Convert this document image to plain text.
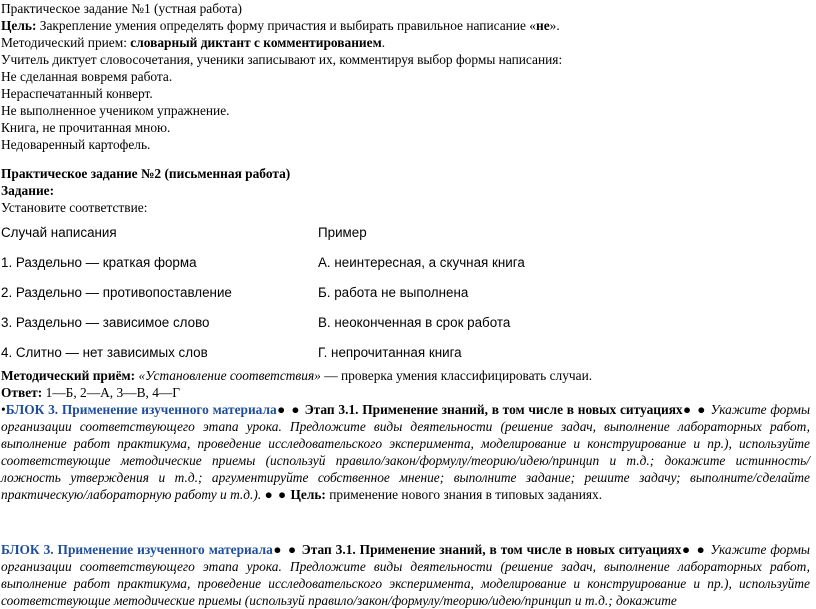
Практическое задание №1 (устная работа)

Цель: Закрепление умения определять форму причастия и выбирать правильное написание «не».

Методический прием: словарный диктант с комментированием.

Учитель диктует словосочетания, ученики записывают их, комментируя выбор формы написания:

Не сделанная вовремя работа.

Нераспечатанный конверт.

Не выполненное учеником упражнение.

Книга, не прочитанная мною.

Недоваренный картофель.

Практическое задание №2 (письменная работа)

Задание:

Установите соответствие:

Случай написания	Пример
1. Раздельно — краткая форма	А. неинтересная, а скучная книга
2. Раздельно — противопоставление	Б. работа не выполнена
3. Раздельно — зависимое слово	В. неоконченная в срок работа
4. Слитно — нет зависимых слов	Г. непрочитанная книга

Методический приём: «Установление соответствия» — проверка умения классифицировать случаи.

Ответ: 1—Б, 2—А, 3—В, 4—Г

•БЛОК 3. Применение изученного материала● ● Этап 3.1. Применение знаний, в том числе в новых ситуациях● ● Укажите формы организации соответствующего этапа урока. Предложите виды деятельности (решение задач, выполнение лабораторных работ, выполнение работ практикума, проведение исследовательского эксперимента, моделирование и конструирование и пр.), используйте соответствующие методические приемы (используй правило/закон/формулу/теорию/идею/принцип и т.д.; докажите истинность/ложность утверждения и т.д.; аргументируйте собственное мнение; выполните задание; решите задачу; выполните/сделайте практическую/лабораторную работу и т.д.). ● ● Цель: применение нового знания в типовых заданиях.

БЛОК 3. Применение изученного материала● ● Этап 3.1. Применение знаний, в том числе в новых ситуациях● ● Укажите формы организации соответствующего этапа урока. Предложите виды деятельности (решение задач, выполнение лабораторных работ, выполнение работ практикума, проведение исследовательского эксперимента, моделирование и конструирование и пр.), используйте соответствующие методические приемы (используй правило/закон/формулу/теорию/идею/принцип и т.д.; докажите
